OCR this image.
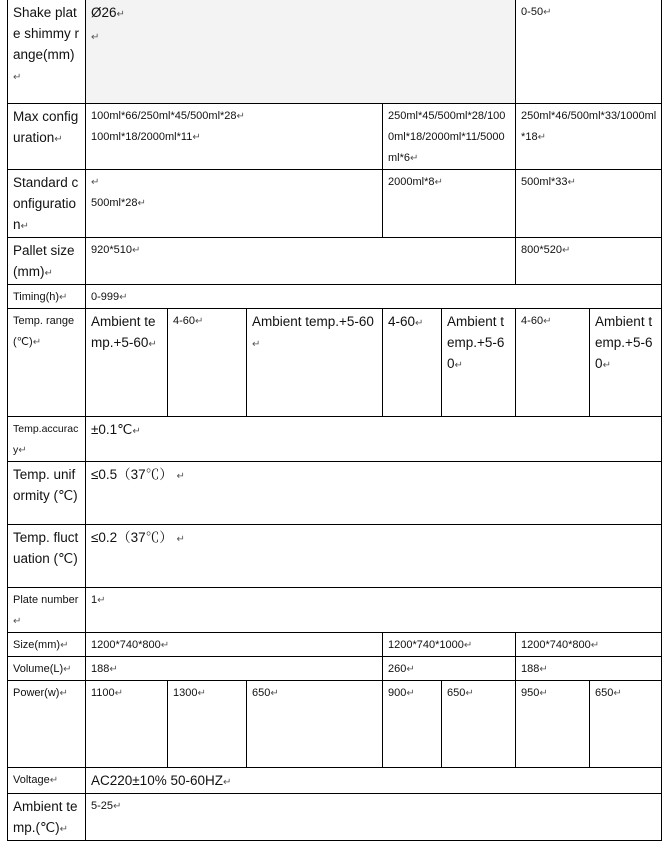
Shake plate shimmy range(mm)↵	Ø26↵
↵					0-50↵		
Max configuration↵	100ml*66/250ml*45/500ml*28↵
100ml*18/2000ml*11↵			250ml*45/500ml*28/1000ml*18/2000ml*11/5000ml*6↵		250ml*46/500ml*33/1000ml*18↵		
Standard configuration↵	↵
500ml*28↵			2000ml*8↵		500ml*33↵		
Pallet size(mm)↵	920*510↵					800*520↵		
Timing(h)↵	0-999↵							
Temp. range(℃)↵	Ambient temp.+5-60↵	4-60↵	Ambient temp.+5-60↵	4-60↵	Ambient temp.+5-60↵	4-60↵	Ambient temp.+5-60↵	
Temp.accuracy↵	±0.1℃↵							
Temp. uniformity (℃)	≤0.5（37℃） ↵							
Temp. fluctuation (℃)	≤0.2（37℃） ↵							
Plate number↵	1↵							
Size(mm)↵	1200*740*800↵			1200*740*1000↵		1200*740*800↵		
Volume(L)↵	188↵			260↵		188↵		
Power(w)↵	1100↵	1300↵	650↵	900↵	650↵	950↵	650↵	
Voltage↵	AC220±10% 50-60HZ↵							
Ambient temp.(℃)↵	5-25↵							
